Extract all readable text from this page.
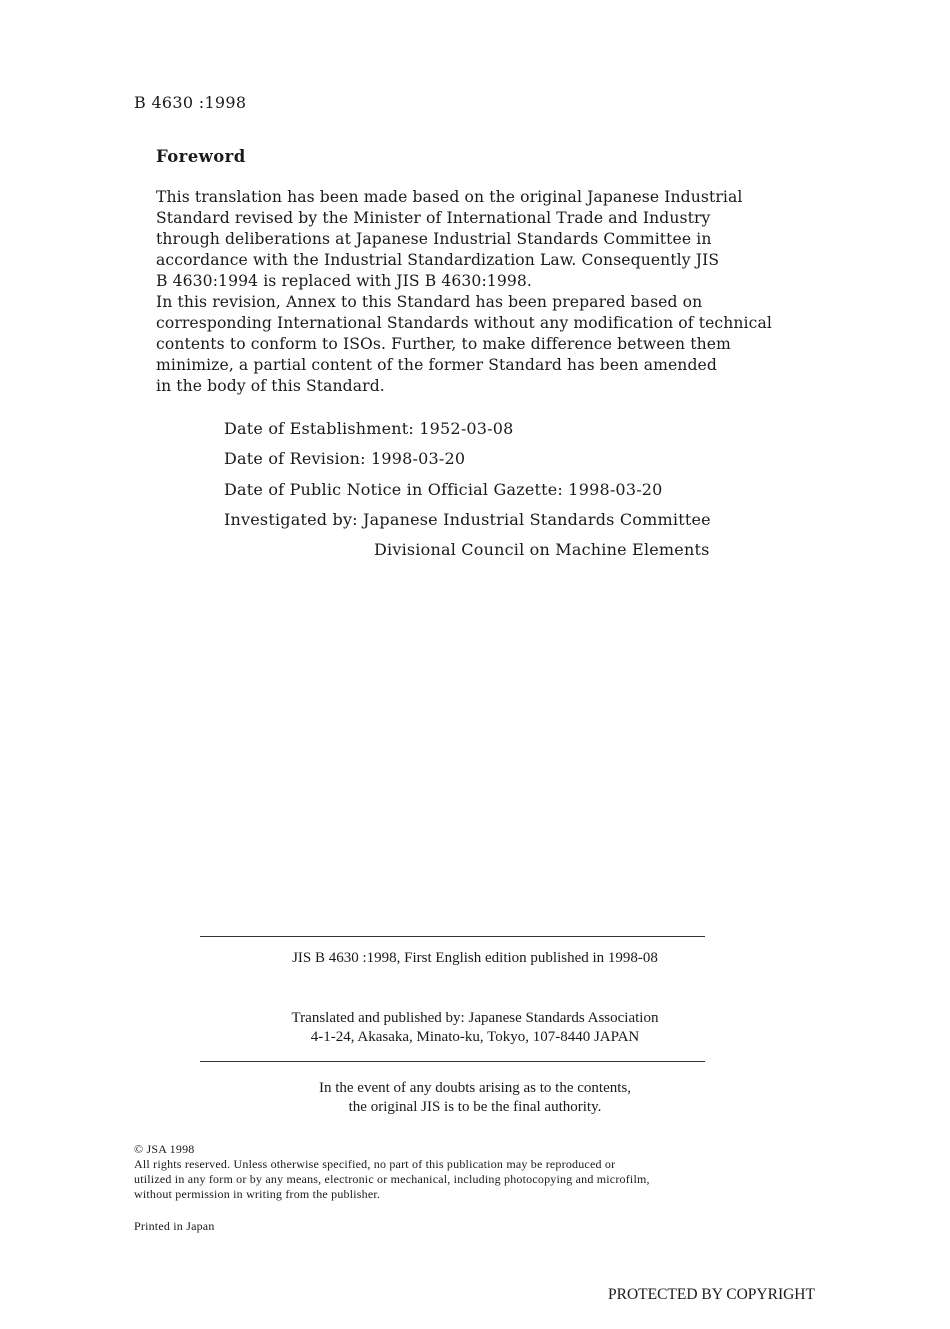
B 4630 :1998
Foreword
This translation has been made based on the original Japanese Industrial
Standard revised by the Minister of International Trade and Industry
through deliberations at Japanese Industrial Standards Committee in
accordance with the Industrial Standardization Law. Consequently JIS
B 4630:1994 is replaced with JIS B 4630:1998.
In this revision, Annex to this Standard has been prepared based on
corresponding International Standards without any modification of technical
contents to conform to ISOs. Further, to make difference between them
minimize, a partial content of the former Standard has been amended
in the body of this Standard.
Date of Establishment: 1952-03-08
Date of Revision: 1998-03-20
Date of Public Notice in Official Gazette: 1998-03-20
Investigated by: Japanese Industrial Standards Committee
Divisional Council on Machine Elements
JIS B 4630 :1998, First English edition published in 1998-08
Translated and published by: Japanese Standards Association
4-1-24, Akasaka, Minato-ku, Tokyo, 107-8440 JAPAN
In the event of any doubts arising as to the contents,
the original JIS is to be the final authority.
© JSA 1998
All rights reserved. Unless otherwise specified, no part of this publication may be reproduced or
utilized in any form or by any means, electronic or mechanical, including photocopying and microfilm,
without permission in writing from the publisher.
Printed in Japan
PROTECTED BY COPYRIGHT
